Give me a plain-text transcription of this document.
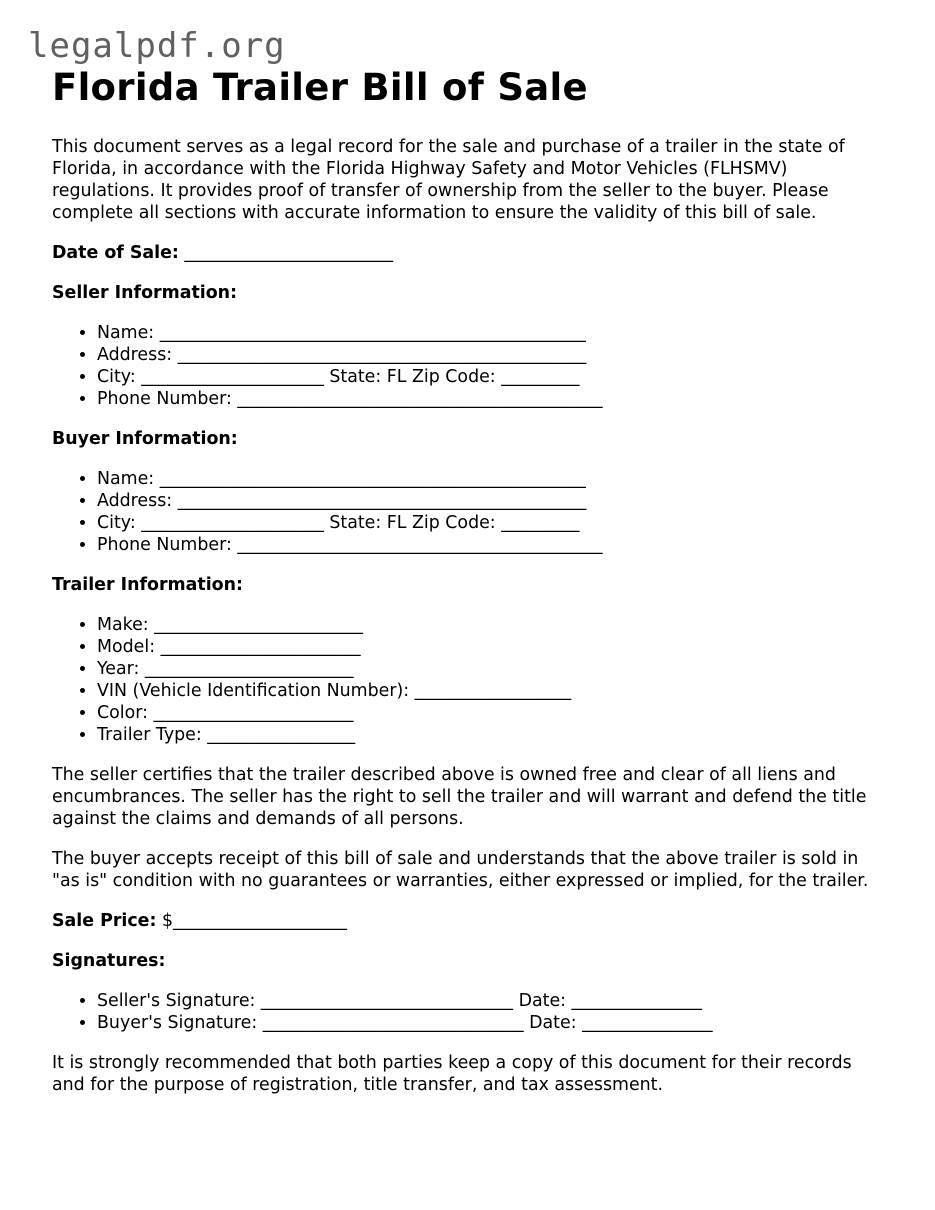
legalpdf.org
Florida Trailer Bill of Sale

This document serves as a legal record for the sale and purchase of a trailer in the state of Florida, in accordance with the Florida Highway Safety and Motor Vehicles (FLHSMV) regulations. It provides proof of transfer of ownership from the seller to the buyer. Please complete all sections with accurate information to ensure the validity of this bill of sale.

Date of Sale: ________________________

Seller Information:
• Name: _________________________________________________
• Address: _______________________________________________
• City: _____________________ State: FL Zip Code: _________
• Phone Number: __________________________________________
Buyer Information:
• Name: _________________________________________________
• Address: _______________________________________________
• City: _____________________ State: FL Zip Code: _________
• Phone Number: __________________________________________
Trailer Information:
• Make: ________________________
• Model: _______________________
• Year: ________________________
• VIN (Vehicle Identification Number): __________________
• Color: _______________________
• Trailer Type: _________________

The seller certifies that the trailer described above is owned free and clear of all liens and encumbrances. The seller has the right to sell the trailer and will warrant and defend the title against the claims and demands of all persons.

The buyer accepts receipt of this bill of sale and understands that the above trailer is sold in "as is" condition with no guarantees or warranties, either expressed or implied, for the trailer.

Sale Price: $____________________

Signatures:
• Seller's Signature: _____________________________ Date: _______________
• Buyer's Signature: ______________________________ Date: _______________

It is strongly recommended that both parties keep a copy of this document for their records and for the purpose of registration, title transfer, and tax assessment.
